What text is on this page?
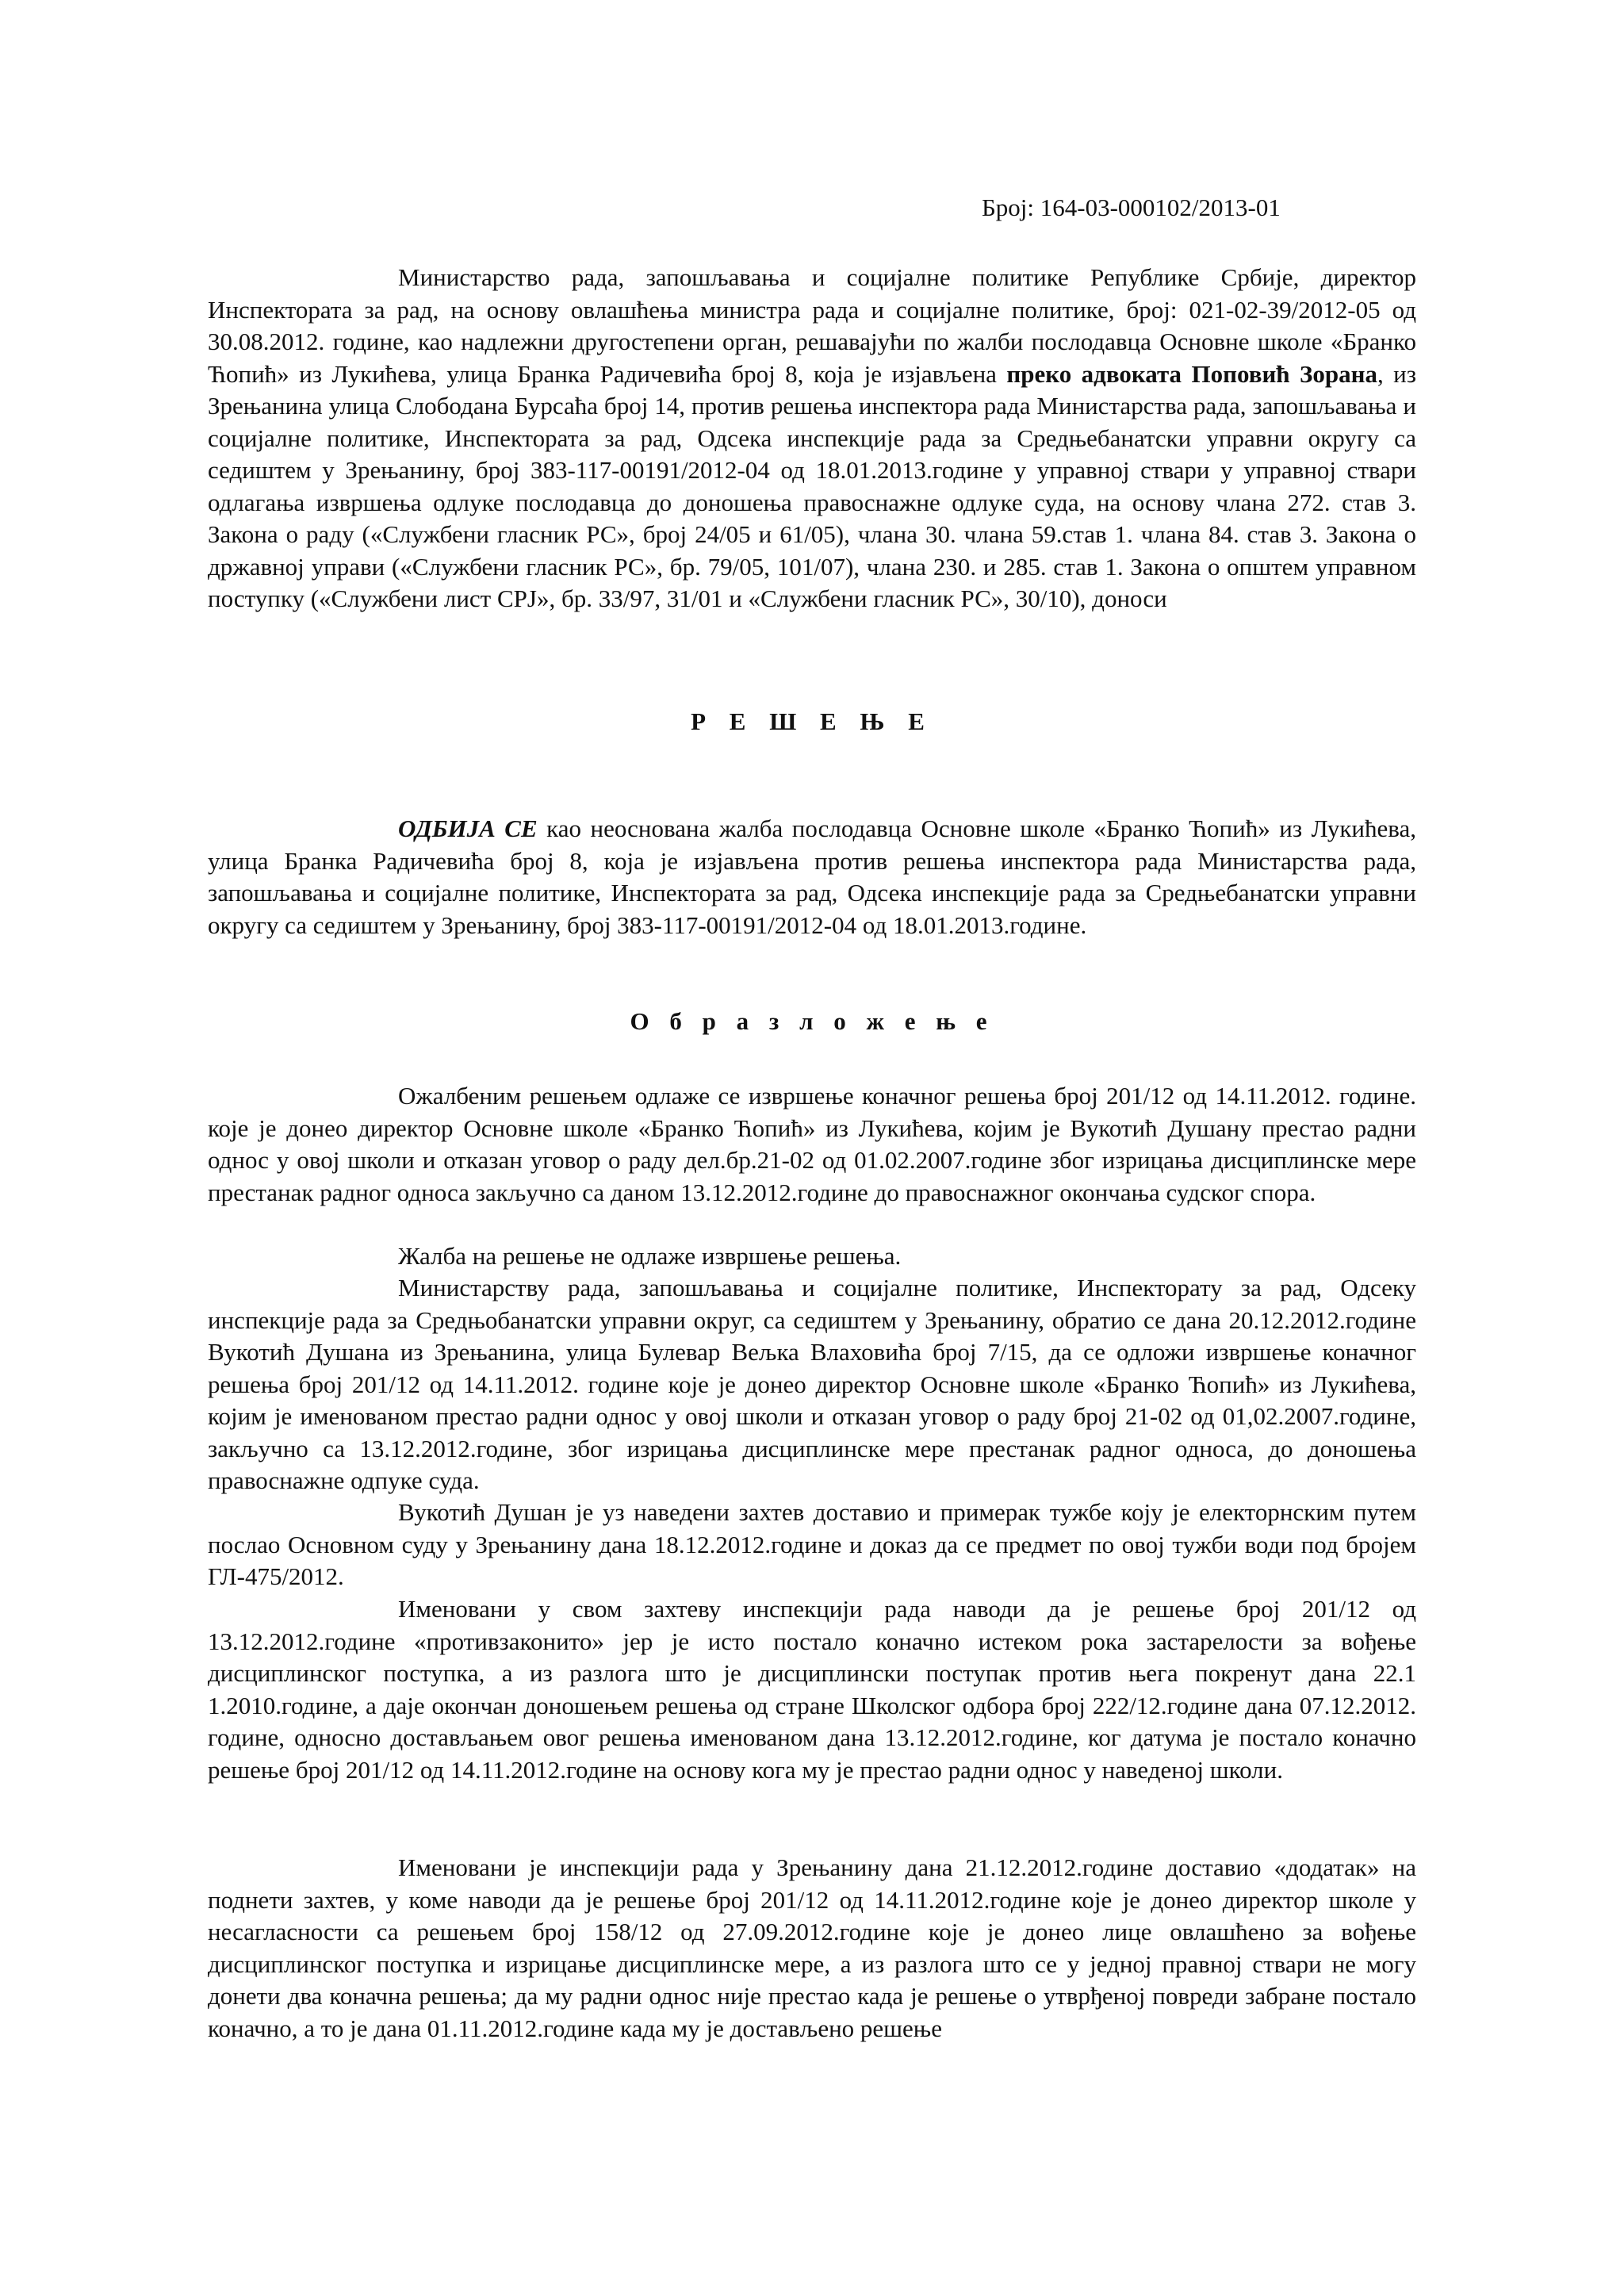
Број: 164-03-000102/2013-01

Министарство рада, запошљавања и социјалне политике Републике Србије, директор Инспектората за рад, на основу овлашћења министра рада и социјалне политике, број: 021-02-39/2012-05 од 30.08.2012. године, као надлежни другостепени орган, решавајући по жалби послодавца Основне школе «Бранко Ћопић» из Лукићева, улица Бранка Радичевића број 8, која је изјављена преко адвоката Поповић Зорана, из Зрењанина улица Слободана Бурсаћа број 14, против решења инспектора рада Министарства рада, запошљавања и социјалне политике, Инспектората за рад, Одсека инспекције рада за Средњебанатски управни округу са седиштем у Зрењанину, број 383-117-00191/2012-04 од 18.01.2013.године у управној ствари у управној ствари одлагања извршења одлуке послодавца до доношења правоснажне одлуке суда, на основу члана 272. став 3. Закона о раду («Службени гласник РС», број 24/05 и 61/05), члана 30. члана 59.став 1. члана 84. став 3. Закона о државној управи («Службени гласник РС», бр. 79/05, 101/07), члана 230. и 285. став 1. Закона о општем управном поступку («Службени лист СРЈ», бр. 33/97, 31/01 и «Службени гласник РС», 30/10), доноси

Р Е Ш Е Њ Е

ОДБИЈА СЕ као неоснована жалба послодавца Основне школе «Бранко Ћопић» из Лукићева, улица Бранка Радичевића број 8, која је изјављена против решења инспектора рада Министарства рада, запошљавања и социјалне политике, Инспектората за рад, Одсека инспекције рада за Средњебанатски управни округу са седиштем у Зрењанину, број 383-117-00191/2012-04 од 18.01.2013.године.

О б р а з л о ж е њ е

Ожалбеним решењем одлаже се извршење коначног решења број 201/12 од 14.11.2012. године. које је донео директор Основне школе «Бранко Ћопић» из Лукићева, којим је Вукотић Душану престао радни однос у овој школи и отказан уговор о раду дел.бр.21-02 од 01.02.2007.године због изрицања дисциплинске мере престанак радног односа закључно са даном 13.12.2012.године до правоснажног окончања судског спора.

Жалба на решење не одлаже извршење решења.

Министарству рада, запошљавања и социјалне политике, Инспекторату за рад, Одсеку инспекције рада за Средњобанатски управни округ, са седиштем у Зрењанину, обратио се дана 20.12.2012.године Вукотић Душана из Зрењанина, улица Булевар Вељка Влаховића број 7/15, да се одложи извршење коначног решења број 201/12 од 14.11.2012. године које је донео директор Основне школе «Бранко Ћопић» из Лукићева, којим је именованом престао радни однос у овој школи и отказан уговор о раду број 21-02 од 01,02.2007.године, закључно са 13.12.2012.године, због изрицања дисциплинске мере престанак радног односа, до доношења правоснажне одпуке суда.

Вукотић Душан је уз наведени захтев доставио и примерак тужбе коју је електорнским путем послао Основном суду у Зрењанину дана 18.12.2012.године и доказ да се предмет по овој тужби води под бројем ГЛ-475/2012.

Именовани у свом захтеву инспекцији рада наводи да је решење број 201/12 од 13.12.2012.године «противзаконито» јер је исто постало коначно истеком рока застарелости за вођење дисциплинског поступка, а из разлога што је дисциплински поступак против њега покренут дана 22.1 1.2010.године, а даје окончан доношењем решења од стране Школског одбора број 222/12.године дана 07.12.2012. године, односно достављањем овог решења именованом дана 13.12.2012.године, ког датума је постало коначно решење број 201/12 од 14.11.2012.године на основу кога му је престао радни однос у наведеној школи.

Именовани је инспекцији рада у Зрењанину дана 21.12.2012.године доставио «додатак» на поднети захтев, у коме наводи да је решење број 201/12 од 14.11.2012.године које је донео директор школе у несагласности са решењем број 158/12 од 27.09.2012.године које је донео лице овлашћено за вођење дисциплинског поступка и изрицање дисциплинске мере, а из разлога што се у једној правној ствари не могу донети два коначна решења; да му радни однос није престао када је решење о утврђеној повреди забране постало коначно, а то је дана 01.11.2012.године када му је достављено решење
